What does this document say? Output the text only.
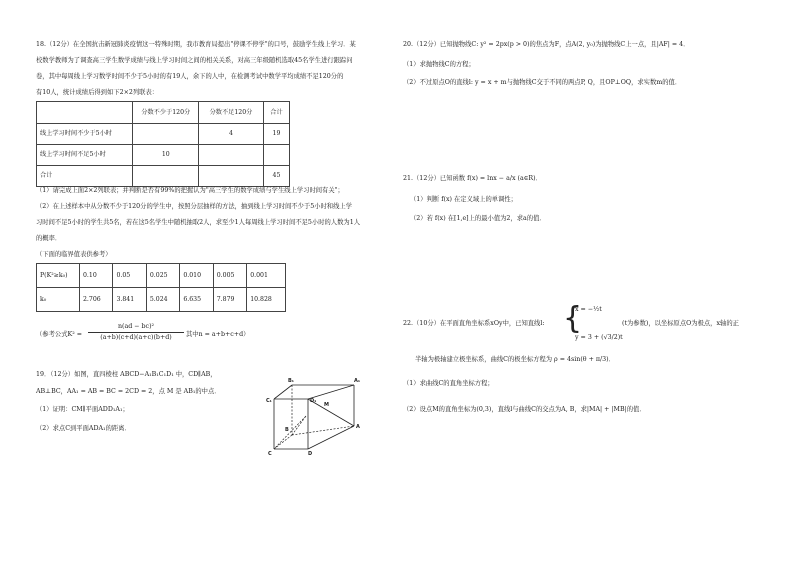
18.（12分）在全国抗击新冠肺炎疫情这一特殊时期，我市教育局提出"停课不停学"的口号，鼓励学生线上学习．某
校数学教师为了调查高三学生数学成绩与线上学习时间之间的相关关系，对高三年级随机选取45名学生进行跟踪问
卷，其中每周线上学习数学时间不少于5小时的有19人，余下的人中，在检测考试中数学平均成绩不足120分的
有10人，统计成绩后得到如下2×2列联表：
	分数不少于120分	分数不足120分	合计
线上学习时间不少于5小时		4	19
线上学习时间不足5小时	10		
合计			45
（1）请完成上面2×2列联表；并判断是否有99%的把握认为"高三学生的数学成绩与学生线上学习时间有关"；
（2）在上述样本中从分数不少于120分的学生中，按照分层抽样的方法，抽到线上学习时间不少于5小时和线上学
习时间不足5小时的学生共5名，若在这5名学生中随机抽取2人，求至少1人每周线上学习时间不足5小时的人数为1人
的概率．
（下面的临界值表供参考）
P(K²≥k₀)	0.10	0.05	0.025	0.010	0.005	0.001
k₀	2.706	3.841	5.024	6.635	7.879	10.828
（参考公式K² =
n(ad − bc)²
(a+b)(c+d)(a+c)(b+d)	其中n = a+b+c+d）
19．（12分）如图，直四棱柱 ABCD−A₁B₁C₁D₁ 中，CD∥AB，
AB⊥BC，AA₁ = AB = BC = 2CD = 2，点 M 是 AB₁的中点．
（1）证明：CM∥平面ADD₁A₁；
（2）求点C到平面ADA₁的距离．
B₁	A₁
C₁	D₁
M
B	A
C	D
20.（12分）已知抛物线C: y² = 2px(p > 0)的焦点为F，点A(2, y₀)为抛物线C上一点，且|AF| = 4．
（1）求抛物线C的方程；
（2）不过原点O的直线l: y = x + m与抛物线C交于不同的两点P, Q，且OP⊥OQ，求实数m的值．
21.（12分）已知函数 f(x) = lnx − a/x (a∈R)．
（1）判断 f(x) 在定义域上的单调性；
（2）若 f(x) 在[1,e]上的最小值为2，求a的值．
22.（10分）在平面直角坐标系xOy中，已知直线l: {
x = −½t
y = 3 + (√3/2)t
(t为参数)，以坐标原点O为极点，x轴的正
半轴为极轴建立极坐标系，曲线C的极坐标方程为 ρ = 4sin(θ + π/3)．
（1）求曲线C的直角坐标方程；
（2）设点M的直角坐标为(0,3)，直线l与曲线C的交点为A, B，求|MA| + |MB|的值．
